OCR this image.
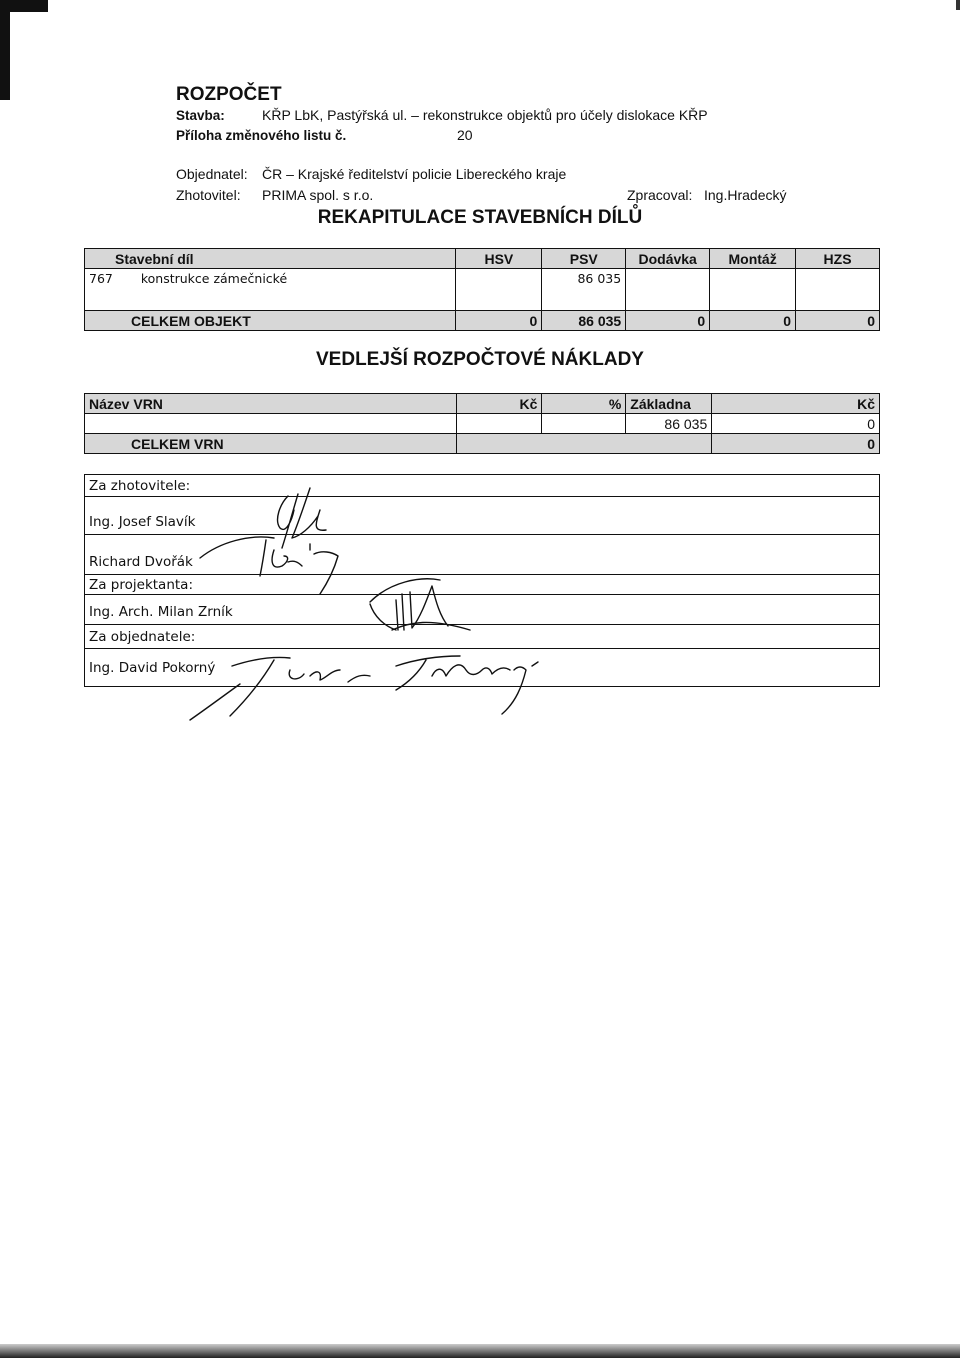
ROZPOČET
Stavba:	KŘP LbK, Pastýřská ul. – rekonstrukce objektů pro účely dislokace KŘP
Příloha změnového listu č.	20
Objednatel: ČR – Krajské ředitelství policie Libereckého kraje
Zhotovitel: PRIMA spol. s r.o.	Zpracoval: Ing.Hradecký
REKAPITULACE STAVEBNÍCH DÍLŮ
Stavební díl	HSV	PSV	Dodávka	Montáž	HZS
767 konstrukce zámečnické		86 035			

CELKEM OBJEKT	0	86 035	0	0	0
VEDLEJŠÍ ROZPOČTOVÉ NÁKLADY
Název VRN	Kč	%	Základna	Kč
			86 035	0
CELKEM VRN				0
Za zhotovitele:
Ing. Josef Slavík
Richard Dvořák
Za projektanta:
Ing. Arch. Milan Zrník
Za objednatele:
Ing. David Pokorný
